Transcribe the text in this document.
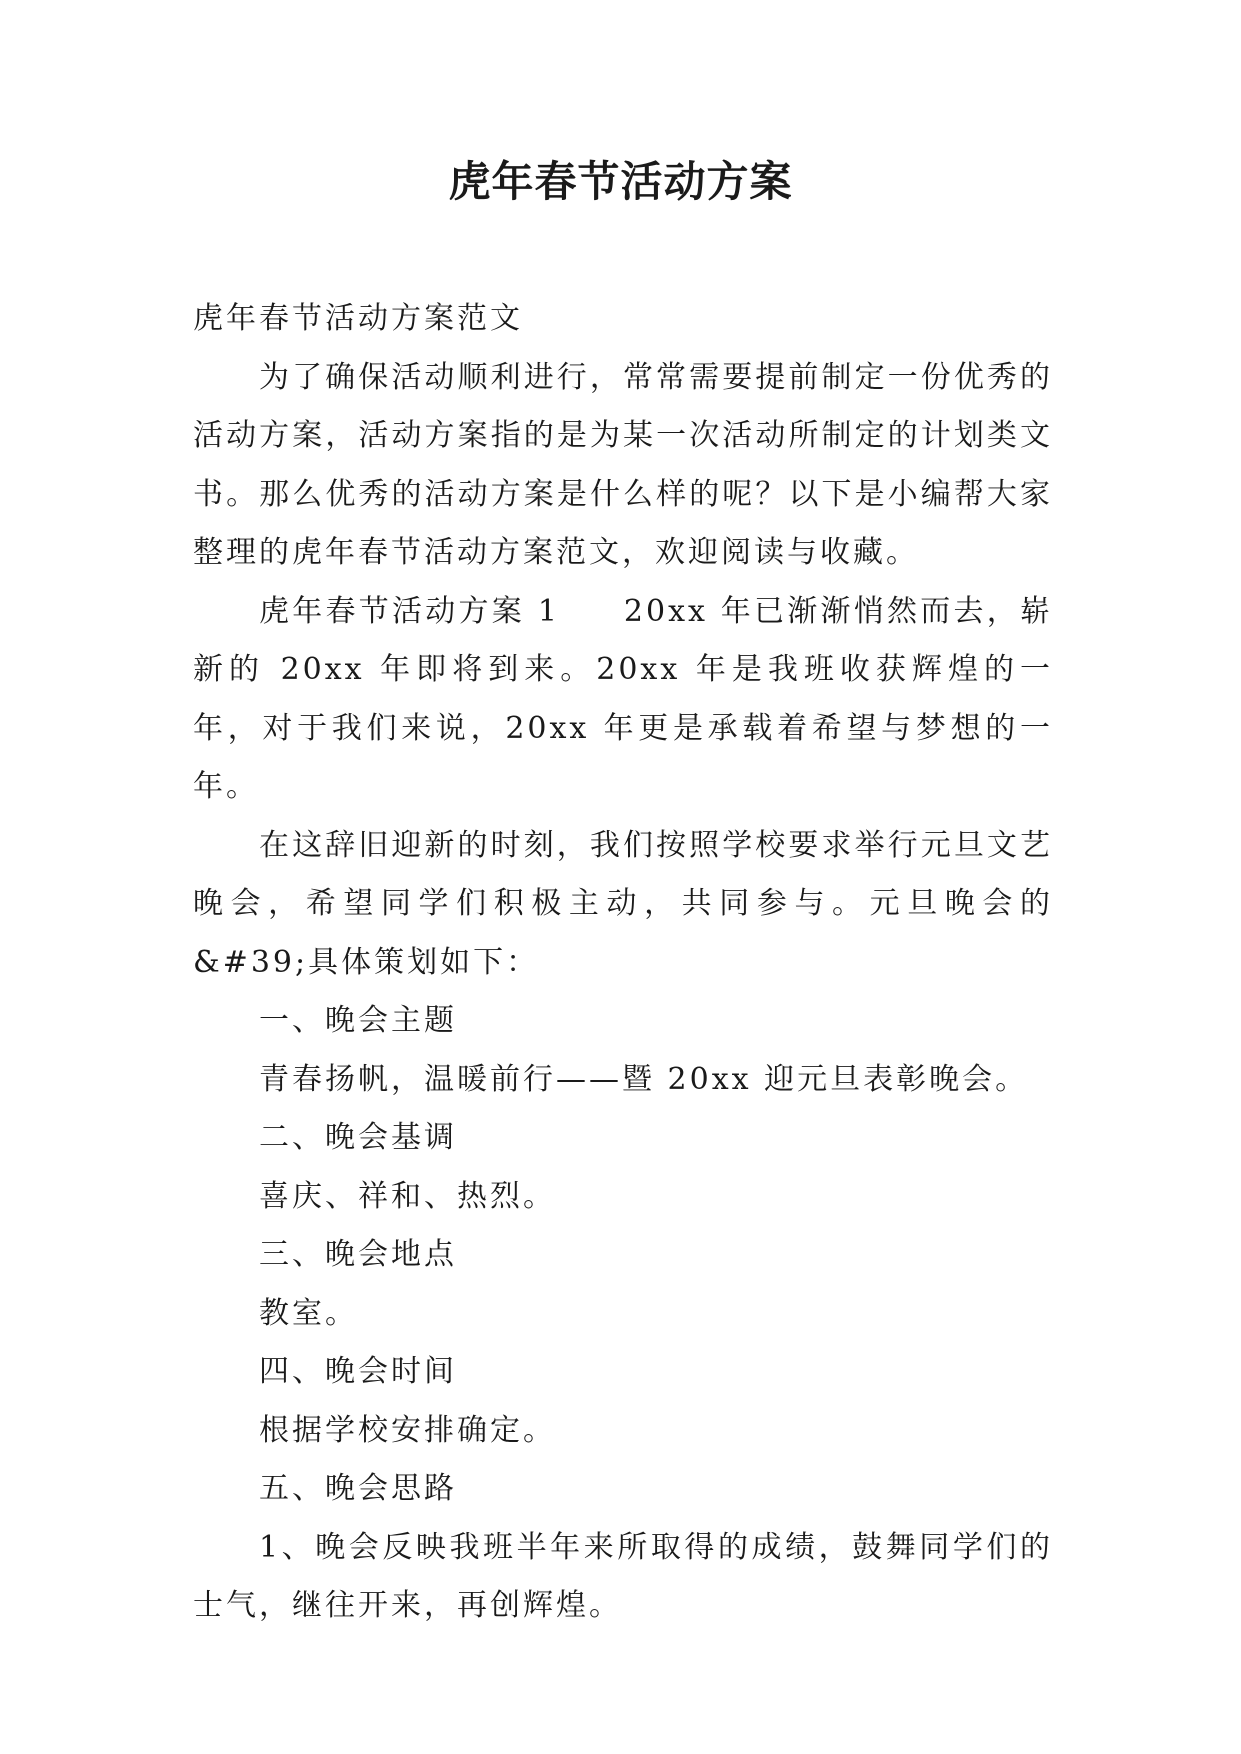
虎年春节活动方案

虎年春节活动方案范文

为了确保活动顺利进行，常常需要提前制定一份优秀的活动方案，活动方案指的是为某一次活动所制定的计划类文书。那么优秀的活动方案是什么样的呢？以下是小编帮大家整理的虎年春节活动方案范文，欢迎阅读与收藏。

虎年春节活动方案 1 20xx 年已渐渐悄然而去，崭新的 20xx 年即将到来。20xx 年是我班收获辉煌的一年，对于我们来说，20xx 年更是承载着希望与梦想的一年。

在这辞旧迎新的时刻，我们按照学校要求举行元旦文艺晚会，希望同学们积极主动，共同参与。元旦晚会的&#39;具体策划如下：

一、晚会主题

青春扬帆，温暖前行——暨 20xx 迎元旦表彰晚会。

二、晚会基调

喜庆、祥和、热烈。

三、晚会地点

教室。

四、晚会时间

根据学校安排确定。

五、晚会思路

1、晚会反映我班半年来所取得的成绩，鼓舞同学们的士气，继往开来，再创辉煌。
